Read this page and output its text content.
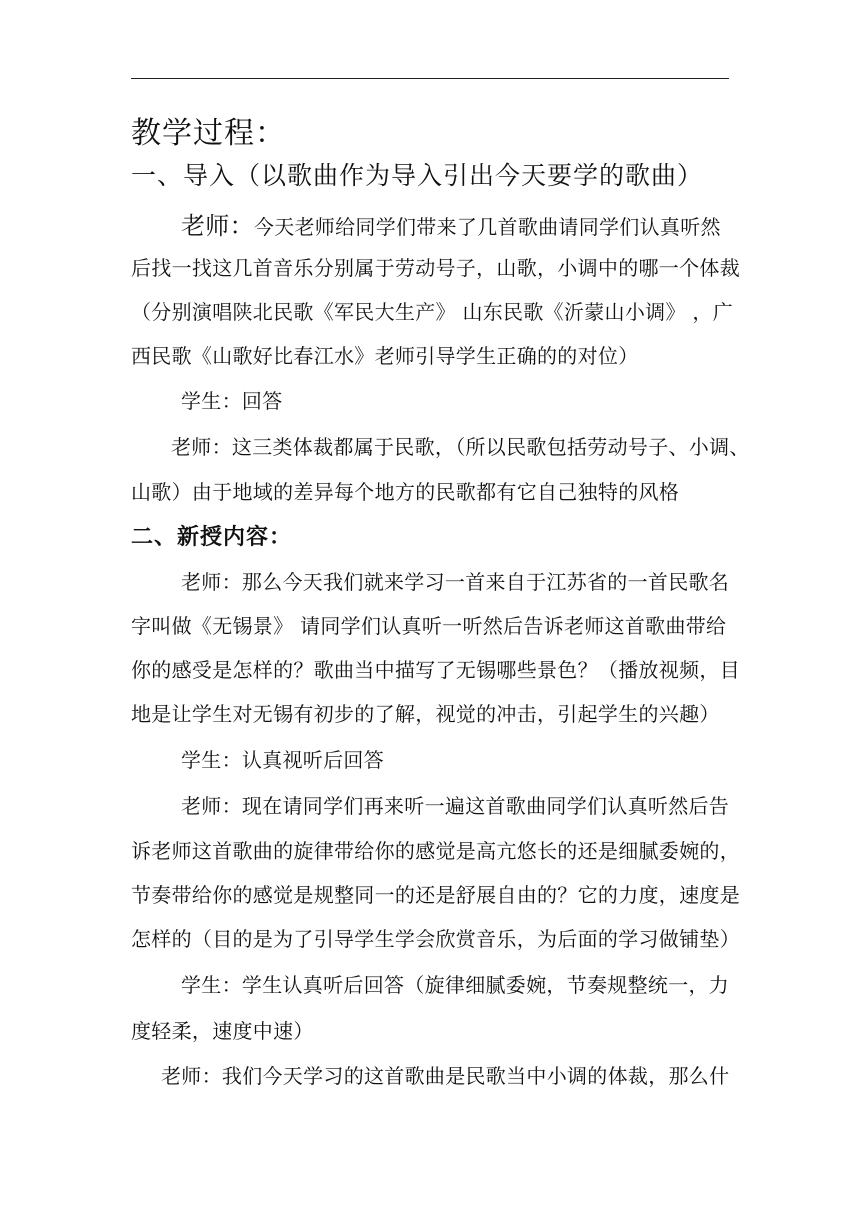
教学过程：
一、导入（以歌曲作为导入引出今天要学的歌曲）
老师：今天老师给同学们带来了几首歌曲请同学们认真听然
后找一找这几首音乐分别属于劳动号子，山歌，小调中的哪一个体裁
（分别演唱陕北民歌《军民大生产》 山东民歌《沂蒙山小调》 ，广
西民歌《山歌好比春江水》老师引导学生正确的的对位）
学生：回答
老师：这三类体裁都属于民歌，（所以民歌包括劳动号子、小调、
山歌）由于地域的差异每个地方的民歌都有它自己独特的风格
二、新授内容：
老师：那么今天我们就来学习一首来自于江苏省的一首民歌名
字叫做《无锡景》 请同学们认真听一听然后告诉老师这首歌曲带给
你的感受是怎样的？歌曲当中描写了无锡哪些景色？（播放视频，目
地是让学生对无锡有初步的了解，视觉的冲击，引起学生的兴趣）
学生：认真视听后回答
老师：现在请同学们再来听一遍这首歌曲同学们认真听然后告
诉老师这首歌曲的旋律带给你的感觉是高亢悠长的还是细腻委婉的，
节奏带给你的感觉是规整同一的还是舒展自由的？它的力度，速度是
怎样的（目的是为了引导学生学会欣赏音乐，为后面的学习做铺垫）
学生：学生认真听后回答（旋律细腻委婉，节奏规整统一，力
度轻柔，速度中速）
老师：我们今天学习的这首歌曲是民歌当中小调的体裁，那么什
